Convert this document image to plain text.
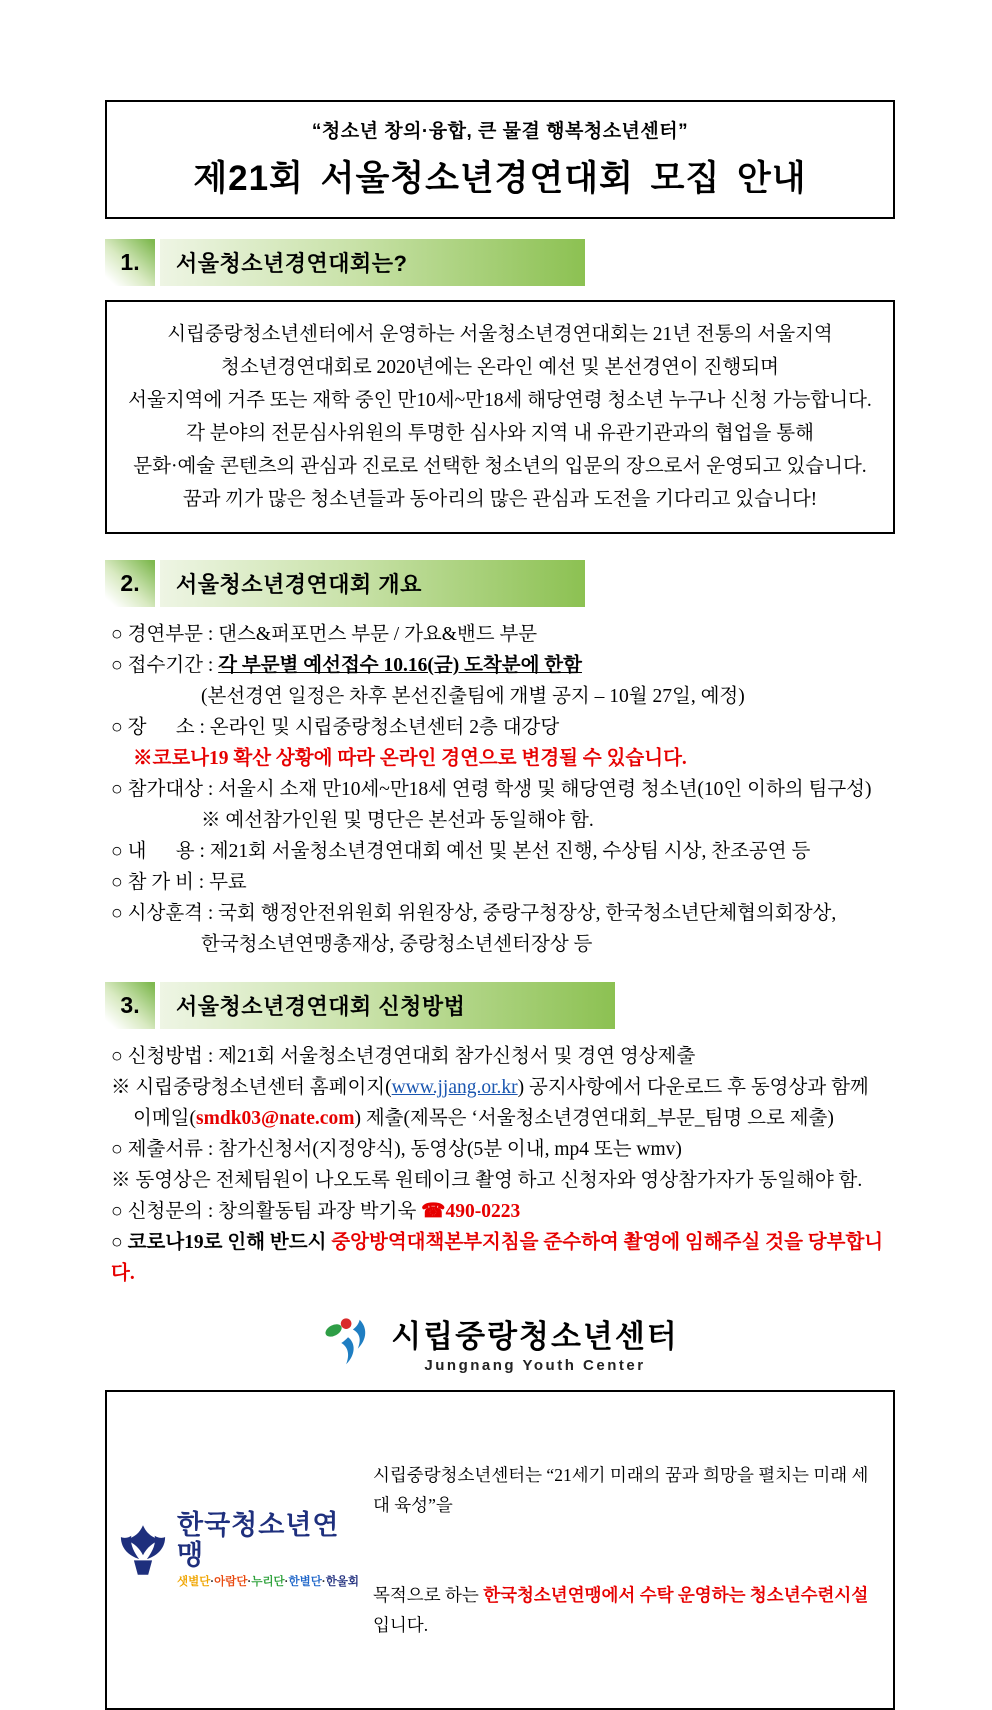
“청소년 창의·융합, 큰 물결 행복청소년센터”
제21회 서울청소년경연대회 모집 안내
1.	서울청소년경연대회는?
시립중랑청소년센터에서 운영하는 서울청소년경연대회는 21년 전통의 서울지역
청소년경연대회로 2020년에는 온라인 예선 및 본선경연이 진행되며
서울지역에 거주 또는 재학 중인 만10세~만18세 해당연령 청소년 누구나 신청 가능합니다.
각 분야의 전문심사위원의 투명한 심사와 지역 내 유관기관과의 협업을 통해
문화·예술 콘텐츠의 관심과 진로로 선택한 청소년의 입문의 장으로서 운영되고 있습니다.
꿈과 끼가 많은 청소년들과 동아리의 많은 관심과 도전을 기다리고 있습니다!
2.	서울청소년경연대회 개요
○ 경연부문 : 댄스&퍼포먼스 부문 / 가요&밴드 부문
○ 접수기간 : 각 부문별 예선접수 10.16(금) 도착분에 한함
(본선경연 일정은 차후 본선진출팀에 개별 공지 – 10월 27일, 예정)
○ 장      소 : 온라인 및 시립중랑청소년센터 2층 대강당
※코로나19 확산 상황에 따라 온라인 경연으로 변경될 수 있습니다.
○ 참가대상 : 서울시 소재 만10세~만18세 연령 학생 및 해당연령 청소년(10인 이하의 팀구성)
※ 예선참가인원 및 명단은 본선과 동일해야 함.
○ 내      용 : 제21회 서울청소년경연대회 예선 및 본선 진행, 수상팀 시상, 찬조공연 등
○ 참 가 비 : 무료
○ 시상훈격 : 국회 행정안전위원회 위원장상, 중랑구청장상, 한국청소년단체협의회장상,
한국청소년연맹총재상, 중랑청소년센터장상 등
3.	서울청소년경연대회 신청방법
○ 신청방법 : 제21회 서울청소년경연대회 참가신청서 및 경연 영상제출
※ 시립중랑청소년센터 홈페이지(www.jjang.or.kr) 공지사항에서 다운로드 후 동영상과 함께
이메일(smdk03@nate.com) 제출(제목은 ‘서울청소년경연대회_부문_팀명 으로 제출)
○ 제출서류 : 참가신청서(지정양식), 동영상(5분 이내, mp4 또는 wmv)
※ 동영상은 전체팀원이 나오도록 원테이크 촬영 하고 신청자와 영상참가자가 동일해야 함.
○ 신청문의 : 창의활동팀 과장 박기욱 ☎490-0223
○ 코로나19로 인해 반드시 중앙방역대책본부지침을 준수하여 촬영에 임해주실 것을 당부합니다.
시립중랑청소년센터
Jungnang Youth Center
한국청소년연맹
샛별단·아람단·누리단·한별단·한울회

시립중랑청소년센터는 “21세기 미래의 꿈과 희망을 펼치는 미래 세대 육성”을

목적으로 하는 한국청소년연맹에서 수탁 운영하는 청소년수련시설입니다.
